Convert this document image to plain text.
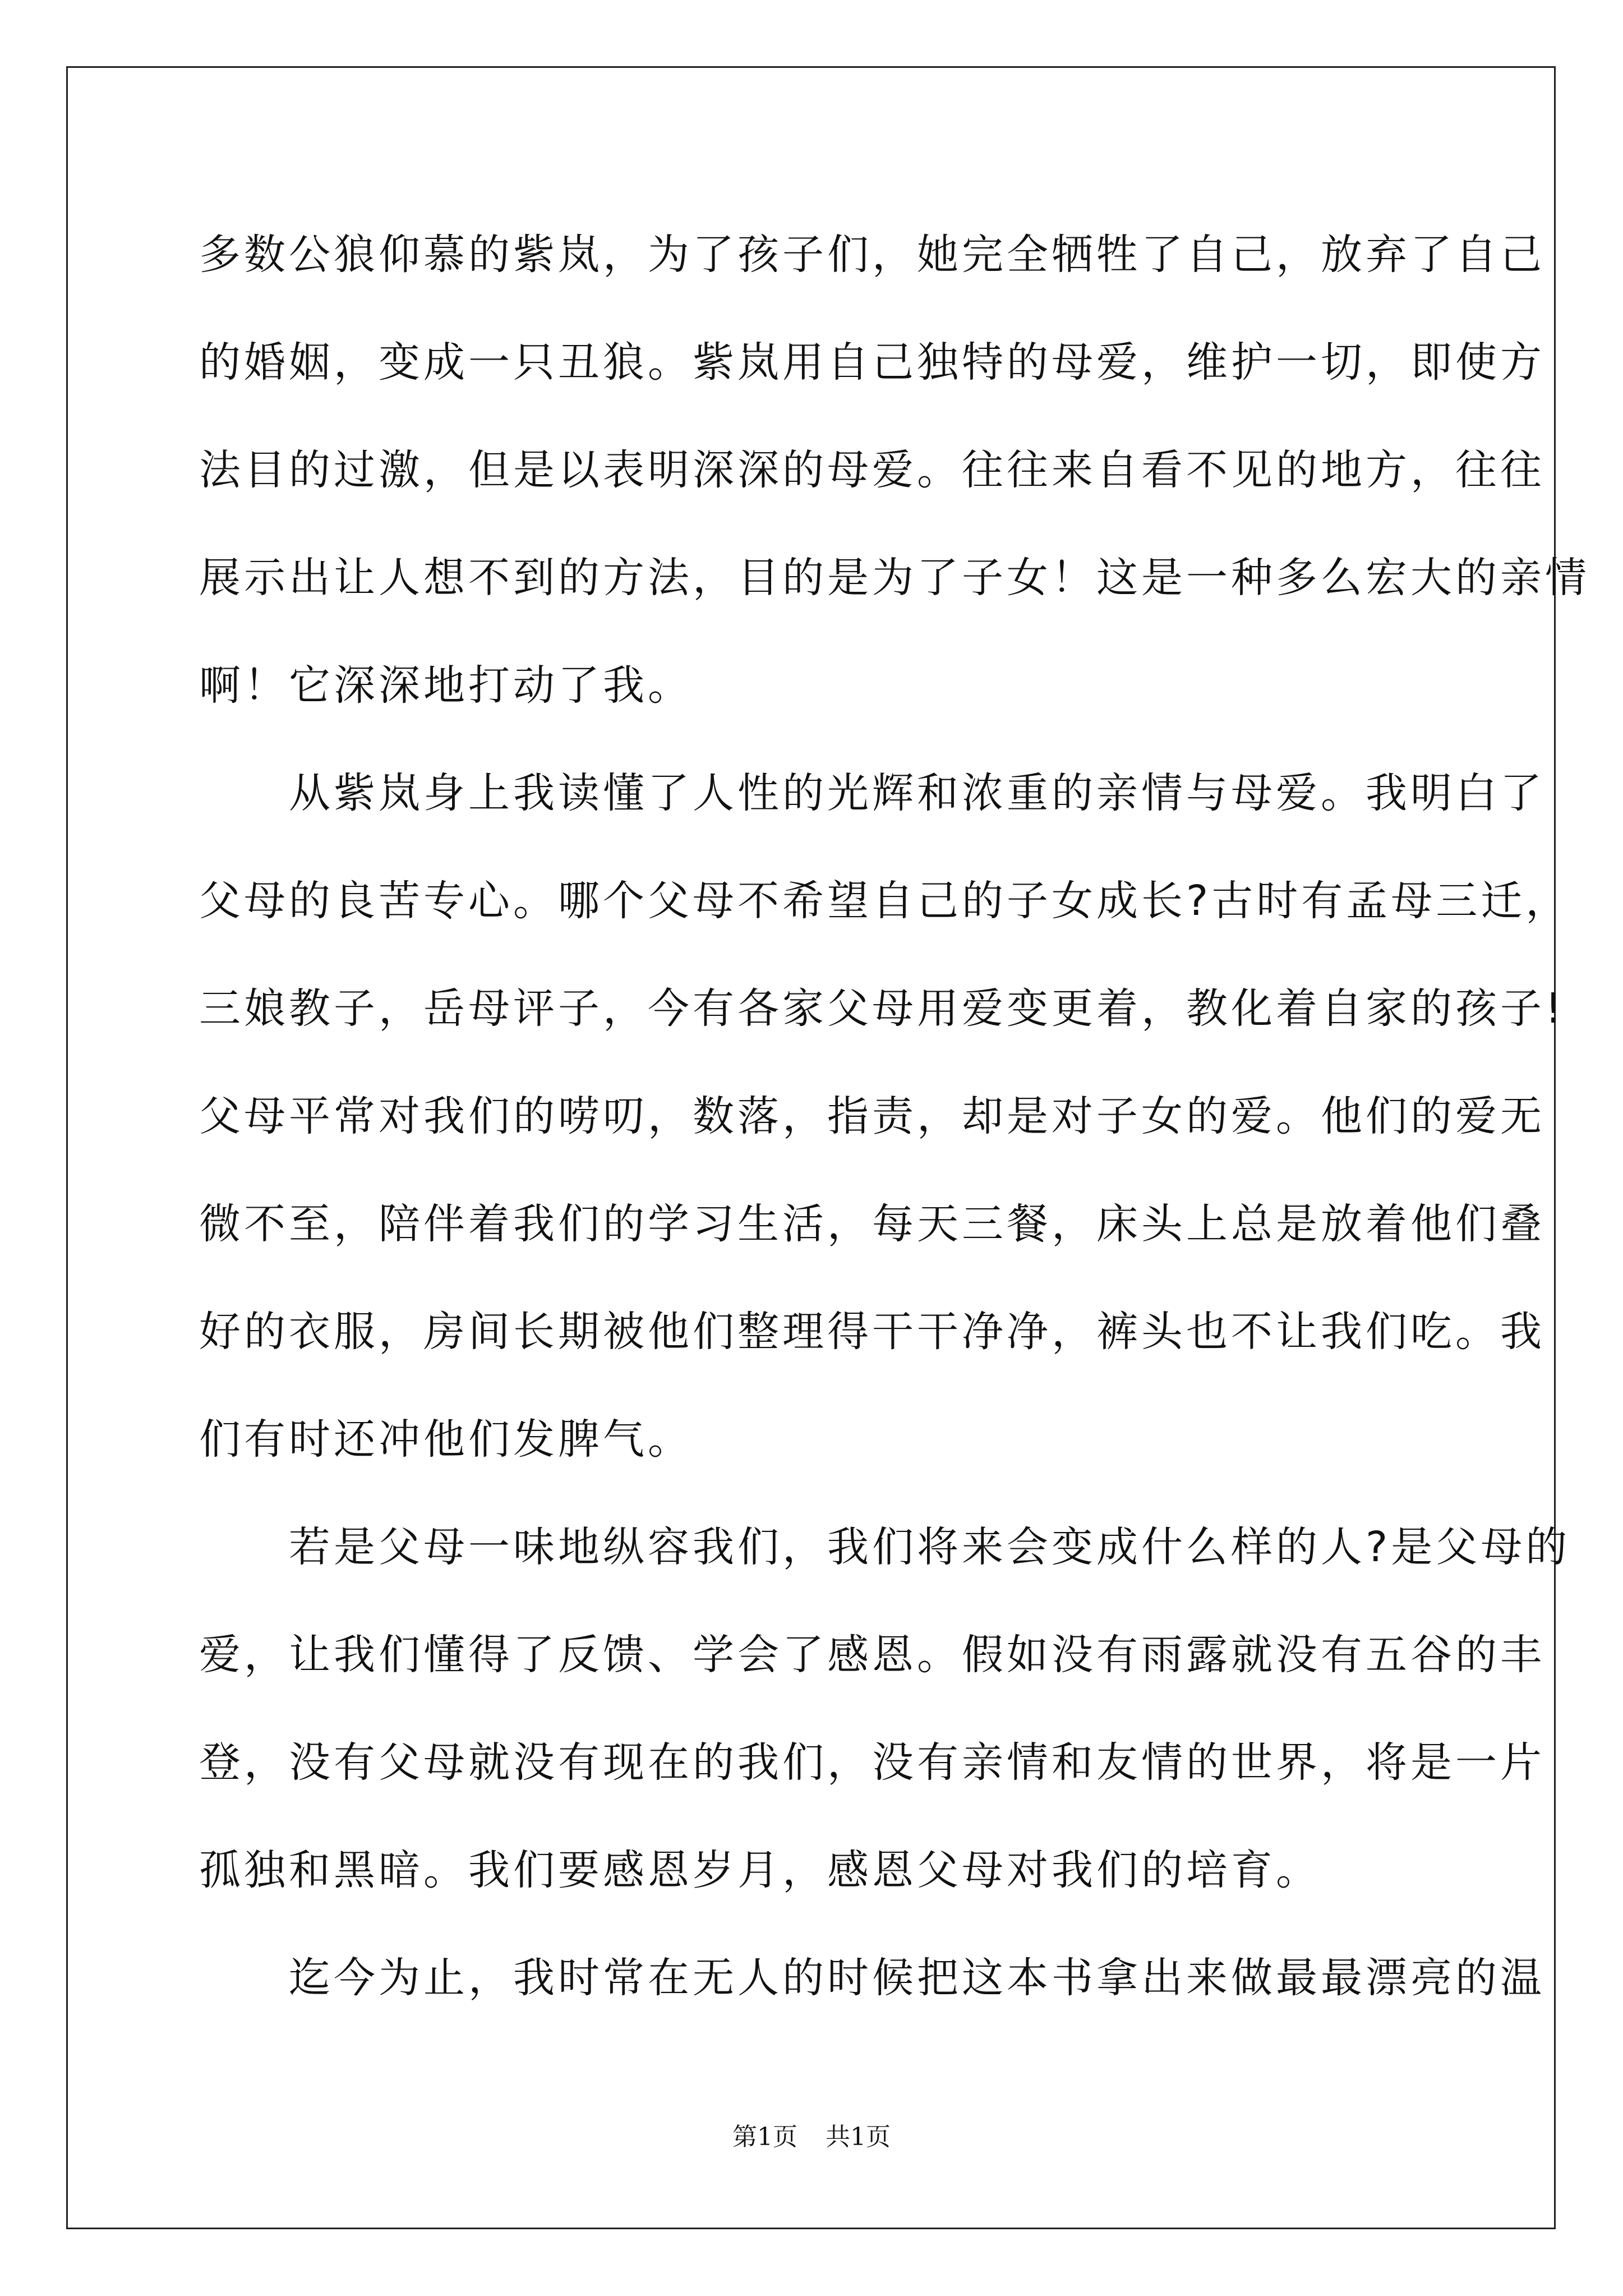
多数公狼仰慕的紫岚，为了孩子们，她完全牺牲了自己，放弃了自己
的婚姻，变成一只丑狼。紫岚用自己独特的母爱，维护一切，即使方
法目的过激，但是以表明深深的母爱。往往来自看不见的地方，往往
展示出让人想不到的方法，目的是为了子女！这是一种多么宏大的亲情
啊！它深深地打动了我。
　　从紫岚身上我读懂了人性的光辉和浓重的亲情与母爱。我明白了
父母的良苦专心。哪个父母不希望自己的子女成长?古时有孟母三迁，
三娘教子，岳母评子，今有各家父母用爱变更着，教化着自家的孩子!
父母平常对我们的唠叨，数落，指责，却是对子女的爱。他们的爱无
微不至，陪伴着我们的学习生活，每天三餐，床头上总是放着他们叠
好的衣服，房间长期被他们整理得干干净净，裤头也不让我们吃。我
们有时还冲他们发脾气。
　　若是父母一味地纵容我们，我们将来会变成什么样的人?是父母的
爱，让我们懂得了反馈、学会了感恩。假如没有雨露就没有五谷的丰
登，没有父母就没有现在的我们，没有亲情和友情的世界，将是一片
孤独和黑暗。我们要感恩岁月，感恩父母对我们的培育。
　　迄今为止，我时常在无人的时候把这本书拿出来做最最漂亮的温
第1页 共1页
